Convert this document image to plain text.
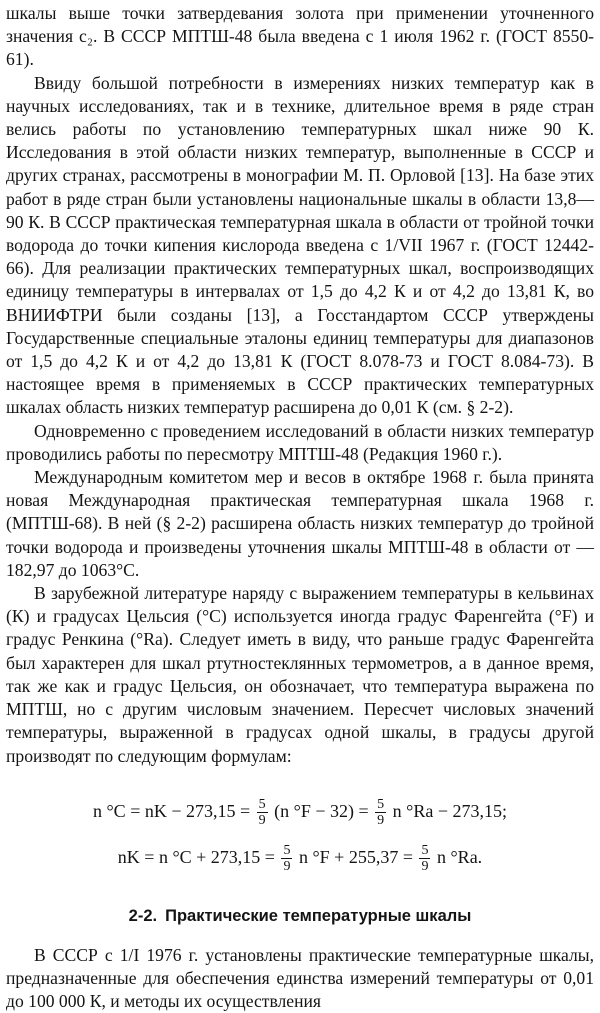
шкалы выше точки затвердевания золота при применении уточненного значения c₂. В СССР МПТШ-48 была введена с 1 июля 1962 г. (ГОСТ 8550-61).

Ввиду большой потребности в измерениях низких температур как в научных исследованиях, так и в технике, длительное время в ряде стран велись работы по установлению температурных шкал ниже 90 К. Исследования в этой области низких температур, выполненные в СССР и других странах, рассмотрены в монографии М. П. Орловой [13]. На базе этих работ в ряде стран были установлены национальные шкалы в области 13,8—90 К. В СССР практическая температурная шкала в области от тройной точки водорода до точки кипения кислорода введена с 1/VII 1967 г. (ГОСТ 12442-66). Для реализации практических температурных шкал, воспроизводящих единицу температуры в интервалах от 1,5 до 4,2 К и от 4,2 до 13,81 К, во ВНИИФТРИ были созданы [13], а Госстандартом СССР утверждены Государственные специальные эталоны единиц температуры для диапазонов от 1,5 до 4,2 К и от 4,2 до 13,81 К (ГОСТ 8.078-73 и ГОСТ 8.084-73). В настоящее время в применяемых в СССР практических температурных шкалах область низких температур расширена до 0,01 К (см. § 2-2).

Одновременно с проведением исследований в области низких температур проводились работы по пересмотру МПТШ-48 (Редакция 1960 г.).

Международным комитетом мер и весов в октябре 1968 г. была принята новая Международная практическая температурная шкала 1968 г. (МПТШ-68). В ней (§ 2-2) расширена область низких температур до тройной точки водорода и произведены уточнения шкалы МПТШ-48 в области от —182,97 до 1063°С.

В зарубежной литературе наряду с выражением температуры в кельвинах (К) и градусах Цельсия (°С) используется иногда градус Фаренгейта (°F) и градус Ренкина (°Ra). Следует иметь в виду, что раньше градус Фаренгейта был характерен для шкал ртутностеклянных термометров, а в данное время, так же как и градус Цельсия, он обозначает, что температура выражена по МПТШ, но с другим числовым значением. Пересчет числовых значений температуры, выраженной в градусах одной шкалы, в градусы другой производят по следующим формулам:

n °C = nK − $273,15 = \frac{5}{9} (n$ $^\circ F - 32) = \frac{5}{9}$ n °Ra − 273,15;
nK = n $^\circ C + 273,15 = \frac{5}{9}$ n $^\circ F + 255,37 = \frac{5}{9}$ n °Ra.
2-2. Практические температурные шкалы

В СССР с 1/I 1976 г. установлены практические температурные шкалы, предназначенные для обеспечения единства измерений температуры от 0,01 до 100 000 К, и методы их осуществления
